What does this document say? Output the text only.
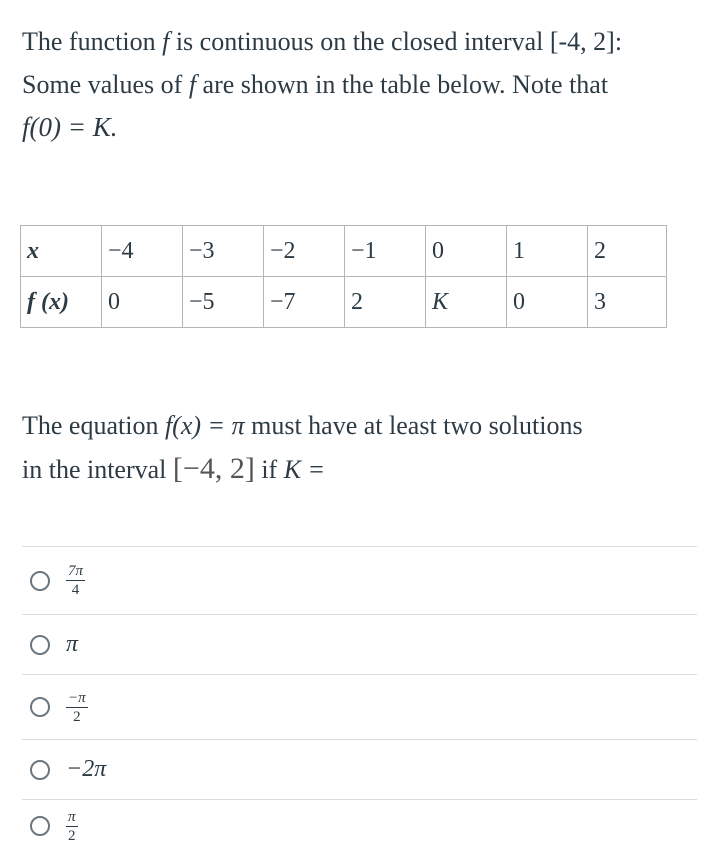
The function f is continuous on the closed interval [-4, 2]:
Some values of f are shown in the table below. Note that
f(0) = K.

x	−4	−3	−2	−1	0	1	2
f (x)	0	−5	−7	2	K	0	3

The equation f(x) = π must have at least two solutions
in the interval [−4, 2] if K =

$\frac{7\pi}{4}$
π
$\frac{-\pi}{2}$
−2π
$\frac{\pi}{2}$
